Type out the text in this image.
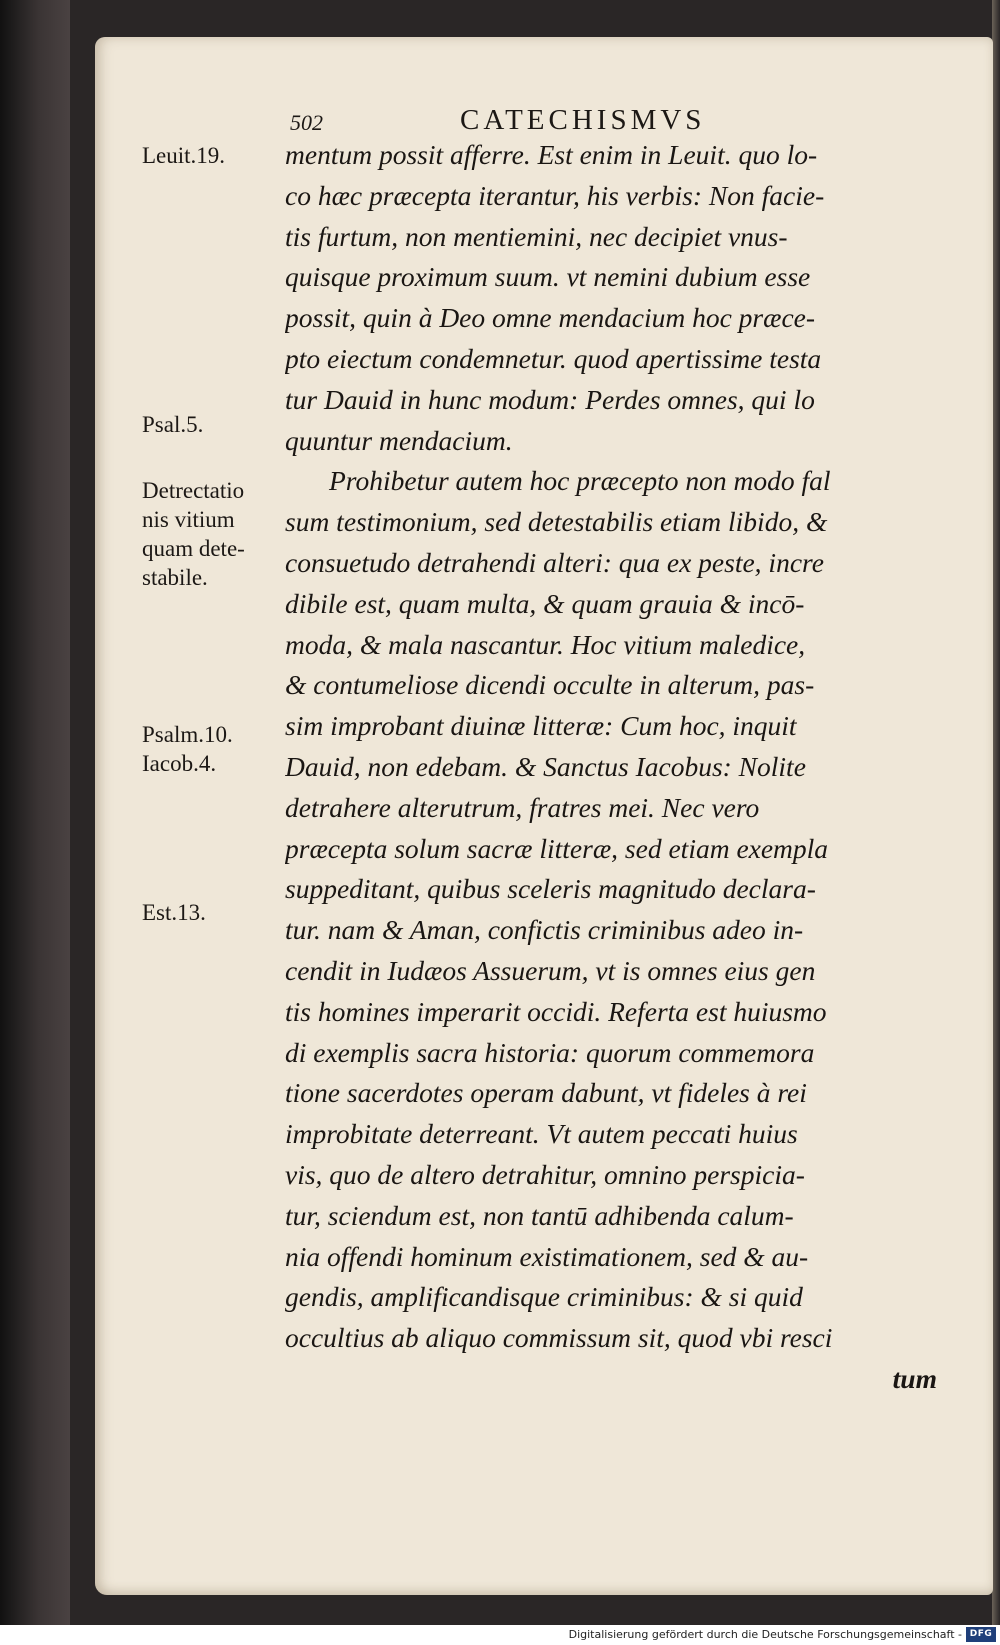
502	CATECHISMVS
Leuit.19.
Psal.5.
Detrectatio
nis vitium
quam dete-
stabile.
Psalm.10.
Iacob.4.
Est.13.
mentum possit afferre. Est enim in Leuit. quo lo-
co hæc præcepta iterantur, his verbis: Non facie-
tis furtum, non mentiemini, nec decipiet vnus-
quisque proximum suum. vt nemini dubium esse
possit, quin à Deo omne mendacium hoc præce-
pto eiectum condemnetur. quod apertissime testa
tur Dauid in hunc modum: Perdes omnes, qui lo
quuntur mendacium.
Prohibetur autem hoc præcepto non modo fal
sum testimonium, sed detestabilis etiam libido, &
consuetudo detrahendi alteri: qua ex peste, incre
dibile est, quam multa, & quam grauia & incō-
moda, & mala nascantur. Hoc vitium maledice,
& contumeliose dicendi occulte in alterum, pas-
sim improbant diuinæ litteræ: Cum hoc, inquit
Dauid, non edebam. & Sanctus Iacobus: Nolite
detrahere alterutrum, fratres mei. Nec vero
præcepta solum sacræ litteræ, sed etiam exempla
suppeditant, quibus sceleris magnitudo declara-
tur. nam & Aman, confictis criminibus adeo in-
cendit in Iudæos Assuerum, vt is omnes eius gen
tis homines imperarit occidi. Referta est huiusmo
di exemplis sacra historia: quorum commemora
tione sacerdotes operam dabunt, vt fideles à rei
improbitate deterreant. Vt autem peccati huius
vis, quo de altero detrahitur, omnino perspicia-
tur, sciendum est, non tantū adhibenda calum-
nia offendi hominum existimationem, sed & au-
gendis, amplificandisque criminibus: & si quid
occultius ab aliquo commissum sit, quod vbi resci
tum
Digitalisierung gefördert durch die Deutsche Forschungsgemeinschaft - DFG
